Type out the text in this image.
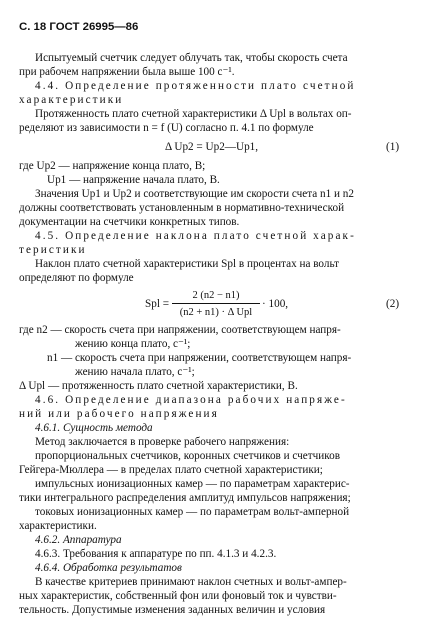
С. 18 ГОСТ 26995—86
Испытуемый счетчик следует облучать так, чтобы скорость счета
при рабочем напряжении была выше 100 с⁻¹.
4.4. Определение протяженности плато счетной
характеристики
Протяженность плато счетной характеристики Δ Upl в вольтах оп-
ределяют из зависимости n = f (U) согласно п. 4.1 по формуле
Δ Up2 = Up2—Up1,	(1)
где Up2 — напряжение конца плато, В;
Up1 — напряжение начала плато, В.
Значения Up1 и Up2 и соответствующие им скорости счета n1 и n2
должны соответствовать установленным в нормативно-технической
документации на счетчики конкретных типов.
4.5. Определение наклона плато счетной харак-
теристики
Наклон плато счетной характеристики Spl в процентах на вольт
определяют по формуле
Spl =
2 (n2 − n1)
(n2 + n1) · Δ Upl
· 100,	(2)
где n2 — скорость счета при напряжении, соответствующем напря-
жению конца плато, с⁻¹;
n1 — скорость счета при напряжении, соответствующем напря-
жению начала плато, с⁻¹;
Δ Upl — протяженность плато счетной характеристики, В.
4.6. Определение диапазона рабочих напряже-
ний или рабочего напряжения
4.6.1. Сущность метода
Метод заключается в проверке рабочего напряжения:
пропорциональных счетчиков, коронных счетчиков и счетчиков
Гейгера-Мюллера — в пределах плато счетной характеристики;
импульсных ионизационных камер — по параметрам характерис-
тики интегрального распределения амплитуд импульсов напряжения;
токовых ионизационных камер — по параметрам вольт-амперной
характеристики.
4.6.2. Аппаратура
4.6.3. Требования к аппаратуре по пп. 4.1.3 и 4.2.3.
4.6.4. Обработка результатов
В качестве критериев принимают наклон счетных и вольт-ампер-
ных характеристик, собственный фон или фоновый ток и чувстви-
тельность. Допустимые изменения заданных величин и условия
